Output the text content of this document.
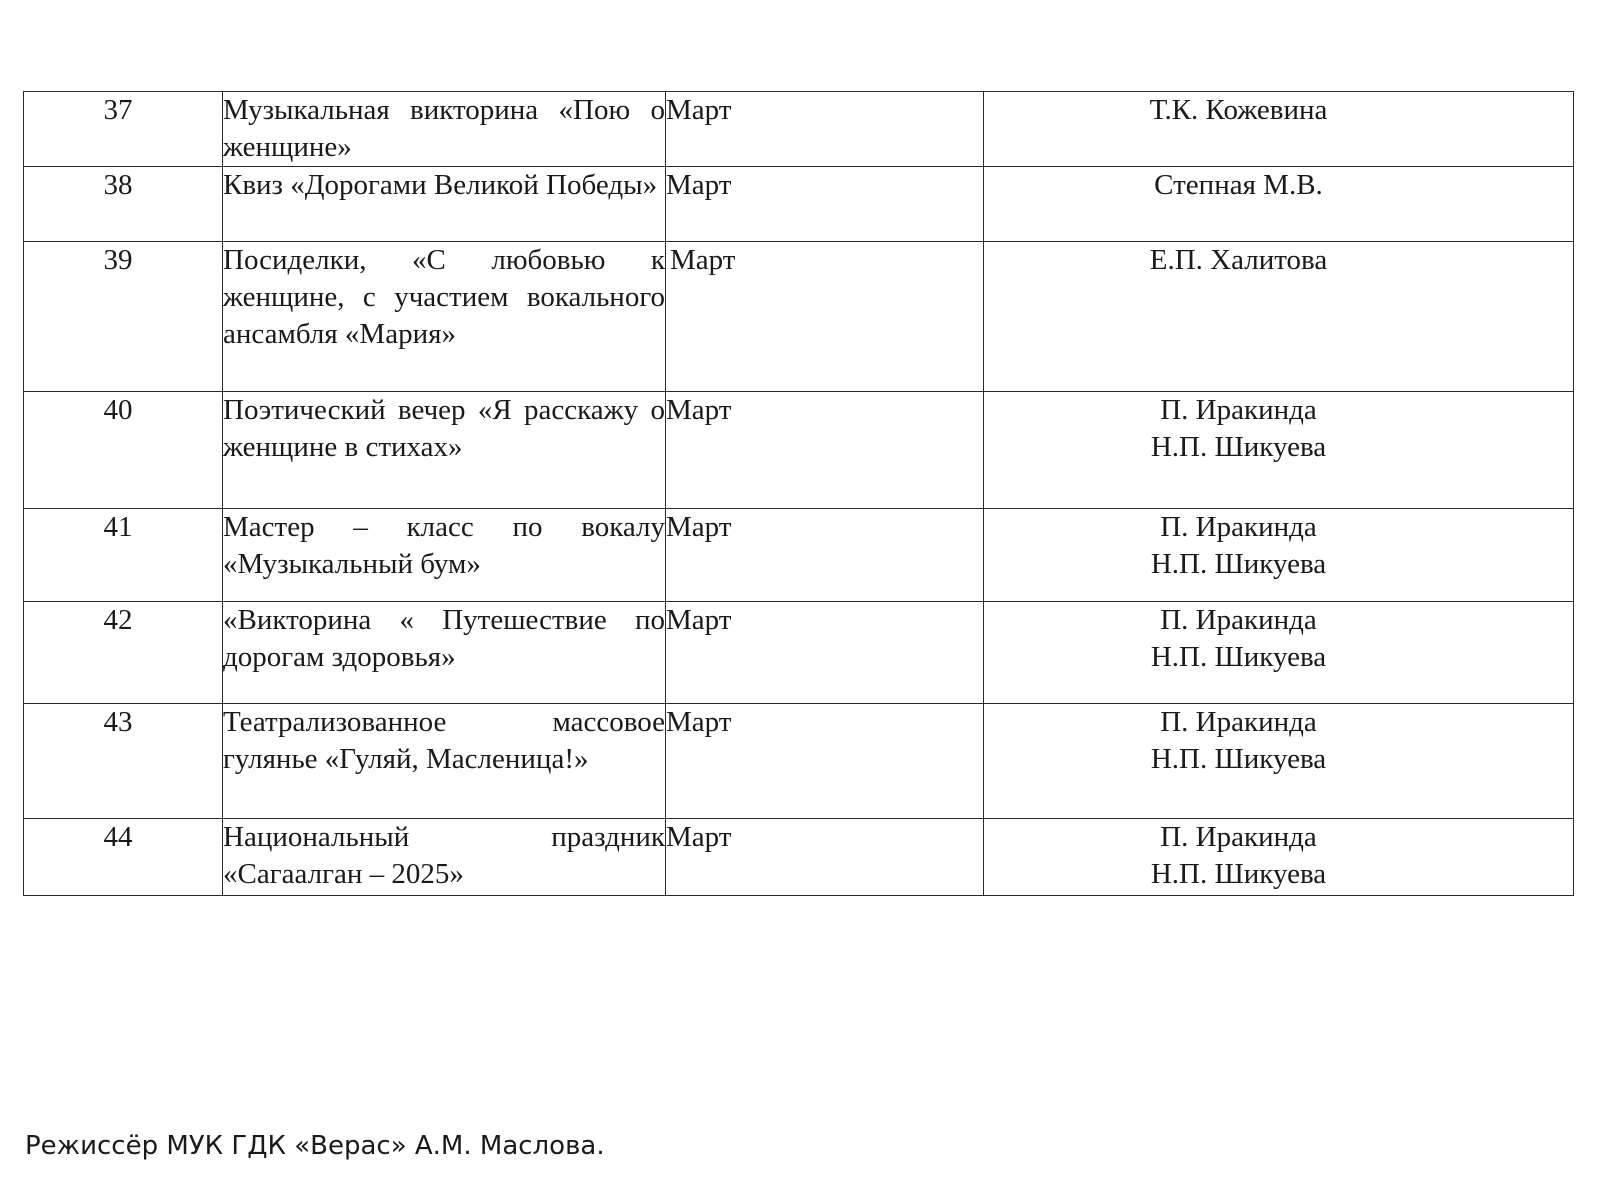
37	Музыкальная викторина «Пою о женщине»	Март	Т.К. Кожевина

38	Квиз «Дорогами Великой Победы»	Март	Степная М.В.

39	Посиделки, «С любовью к женщине, с участием вокального ансамбля «Мария»	Март	Е.П. Халитова

40	Поэтический вечер «Я расскажу о женщине в стихах»	Март	П. Иракинда
Н.П. Шикуева

41	Мастер – класс по вокалу «Музыкальный бум»	Март	П. Иракинда
Н.П. Шикуева

42	«Викторина « Путешествие по дорогам здоровья»	Март	П. Иракинда
Н.П. Шикуева

43	Театрализованное массовое гулянье «Гуляй, Масленица!»	Март	П. Иракинда
Н.П. Шикуева

44	Национальный праздник «Сагаалган – 2025»	Март	П. Иракинда
Н.П. Шикуева
Режиссёр МУК ГДК «Верас» А.М. Маслова.
